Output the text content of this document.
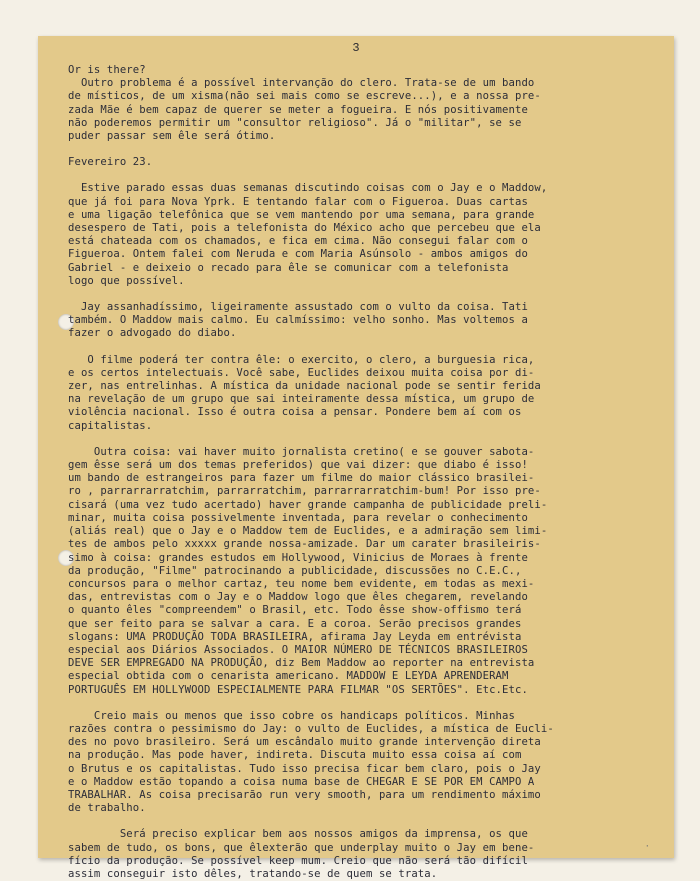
3
Or is there?
Outro problema é a possível intervanção do clero. Trata-se de um bando
de místicos, de um xisma(não sei mais como se escreve...), e a nossa pre-
zada Mãe é bem capaz de querer se meter a fogueira. E nós positivamente
não poderemos permitir um "consultor religioso". Já o "militar", se se
puder passar sem êle será ótimo.
Fevereiro 23.
Estive parado essas duas semanas discutindo coisas com o Jay e o Maddow,
que já foi para Nova Yprk. E tentando falar com o Figueroa. Duas cartas
e uma ligação telefônica que se vem mantendo por uma semana, para grande
desespero de Tati, pois a telefonista do México acho que percebeu que ela
está chateada com os chamados, e fica em cima. Não consegui falar com o
Figueroa. Ontem falei com Neruda e com Maria Asúnsolo - ambos amigos do
Gabriel - e deixeio o recado para êle se comunicar com a telefonista
logo que possível.
Jay assanhadíssimo, ligeiramente assustado com o vulto da coisa. Tati
também. O Maddow mais calmo. Eu calmíssimo: velho sonho. Mas voltemos a
fazer o advogado do diabo.
O filme poderá ter contra êle: o exercito, o clero, a burguesia rica,
e os certos intelectuais. Você sabe, Euclides deixou muita coisa por di-
zer, nas entrelinhas. A mística da unidade nacional pode se sentir ferida
na revelação de um grupo que sai inteiramente dessa mística, um grupo de
violência nacional. Isso é outra coisa a pensar. Pondere bem aí com os
capitalistas.
Outra coisa: vai haver muito jornalista cretino( e se gouver sabota-
gem êsse será um dos temas preferidos) que vai dizer: que diabo é isso!
um bando de estrangeiros para fazer um filme do maior clássico brasilei-
ro , parrarrarratchim, parrarratchim, parrarrarratchim-bum! Por isso pre-
cisará (uma vez tudo acertado) haver grande campanha de publicidade preli-
minar, muita coisa possivelmente inventada, para revelar o conhecimento
(aliás real) que o Jay e o Maddow tem de Euclides, e a admiração sem limi-
tes de ambos pelo xxxxx grande nossa-amizade. Dar um carater brasileiris-
simo à coisa: grandes estudos em Hollywood, Vinicius de Moraes à frente
da produção, "Filme" patrocinando a publicidade, discussões no C.E.C.,
concursos para o melhor cartaz, teu nome bem evidente, em todas as mexi-
das, entrevistas com o Jay e o Maddow logo que êles chegarem, revelando
o quanto êles "compreendem" o Brasil, etc. Todo êsse show-offismo terá
que ser feito para se salvar a cara. E a coroa. Serão precisos grandes
slogans: UMA PRODUÇÃO TODA BRASILEIRA, afirama Jay Leyda em entrévista
especial aos Diários Associados. O MAIOR NÚMERO DE TÉCNICOS BRASILEIROS
DEVE SER EMPREGADO NA PRODUÇÃO, diz Bem Maddow ao reporter na entrevista
especial obtida com o cenarista americano. MADDOW E LEYDA APRENDERAM
PORTUGUÊS EM HOLLYWOOD ESPECIALMENTE PARA FILMAR "OS SERTÕES". Etc.Etc.
Creio mais ou menos que isso cobre os handicaps políticos. Minhas
razões contra o pessimismo do Jay: o vulto de Euclides, a mística de Eucli-
des no povo brasileiro. Será um escândalo muito grande intervenção direta
na produção. Mas pode haver, indireta. Discuta muito essa coisa aí com
o Brutus e os capitalistas. Tudo isso precisa ficar bem claro, pois o Jay
e o Maddow estão topando a coisa numa base de CHEGAR E SE POR EM CAMPO A
TRABALHAR. As coisa precisarão run very smooth, para um rendimento máximo
de trabalho.
Será preciso explicar bem aos nossos amigos da imprensa, os que
sabem de tudo, os bons, que êlexterão que underplay muito o Jay em bene-
fício da produção. Se possível keep mum. Creio que não será tão difícil
assim conseguir isto dêles, tratando-se de quem se trata.
·
